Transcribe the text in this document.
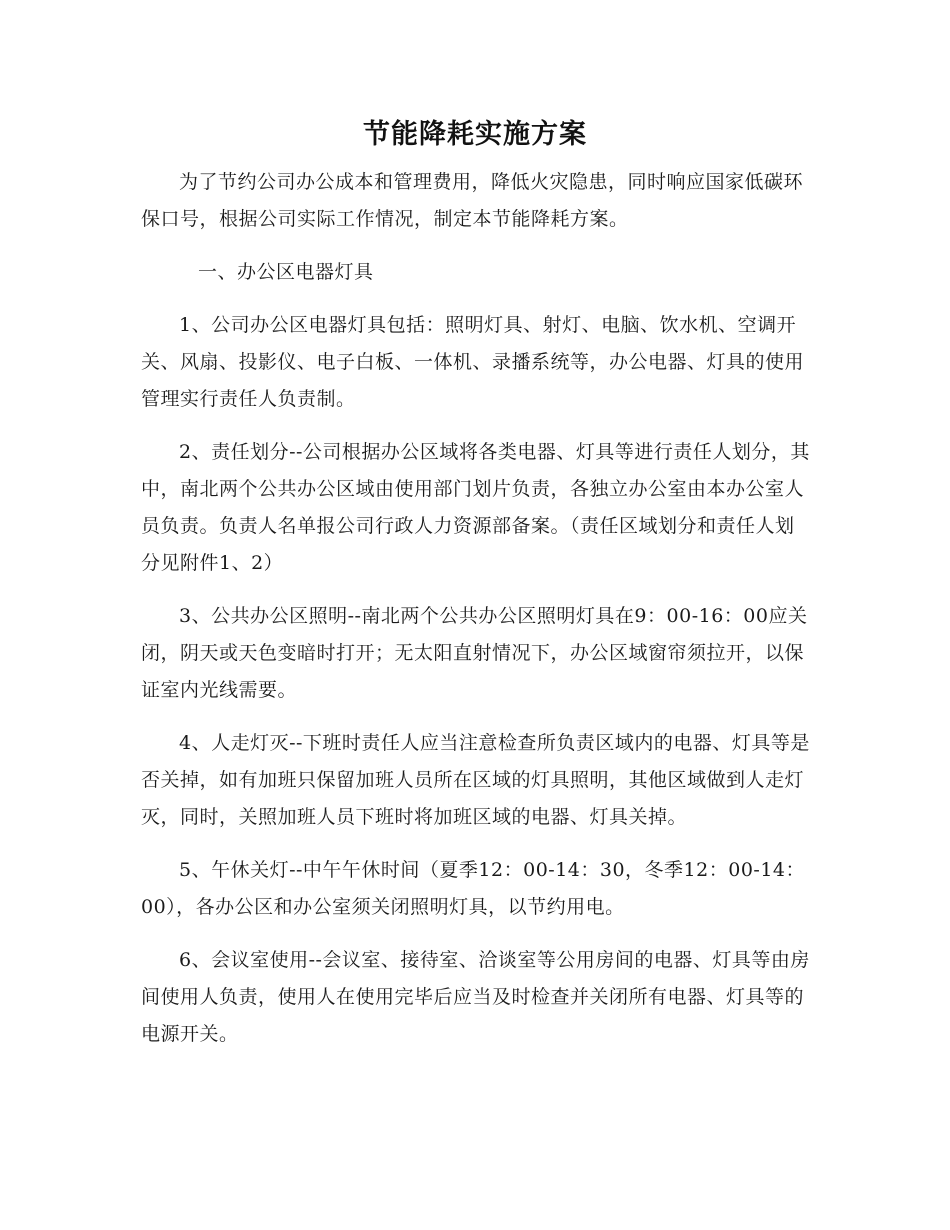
节能降耗实施方案

为了节约公司办公成本和管理费用，降低火灾隐患，同时响应国家低碳环保口号，根据公司实际工作情况，制定本节能降耗方案。

一、办公区电器灯具

1、公司办公区电器灯具包括：照明灯具、射灯、电脑、饮水机、空调开关、风扇、投影仪、电子白板、一体机、录播系统等，办公电器、灯具的使用管理实行责任人负责制。

2、责任划分--公司根据办公区域将各类电器、灯具等进行责任人划分，其中，南北两个公共办公区域由使用部门划片负责，各独立办公室由本办公室人员负责。负责人名单报公司行政人力资源部备案。（责任区域划分和责任人划分见附件1、2）

3、公共办公区照明--南北两个公共办公区照明灯具在9：00-16：00应关闭，阴天或天色变暗时打开；无太阳直射情况下，办公区域窗帘须拉开，以保证室内光线需要。

4、人走灯灭--下班时责任人应当注意检查所负责区域内的电器、灯具等是否关掉，如有加班只保留加班人员所在区域的灯具照明，其他区域做到人走灯灭，同时，关照加班人员下班时将加班区域的电器、灯具关掉。

5、午休关灯--中午午休时间（夏季12：00-14：30，冬季12：00-14：00），各办公区和办公室须关闭照明灯具，以节约用电。

6、会议室使用--会议室、接待室、洽谈室等公用房间的电器、灯具等由房间使用人负责，使用人在使用完毕后应当及时检查并关闭所有电器、灯具等的电源开关。
